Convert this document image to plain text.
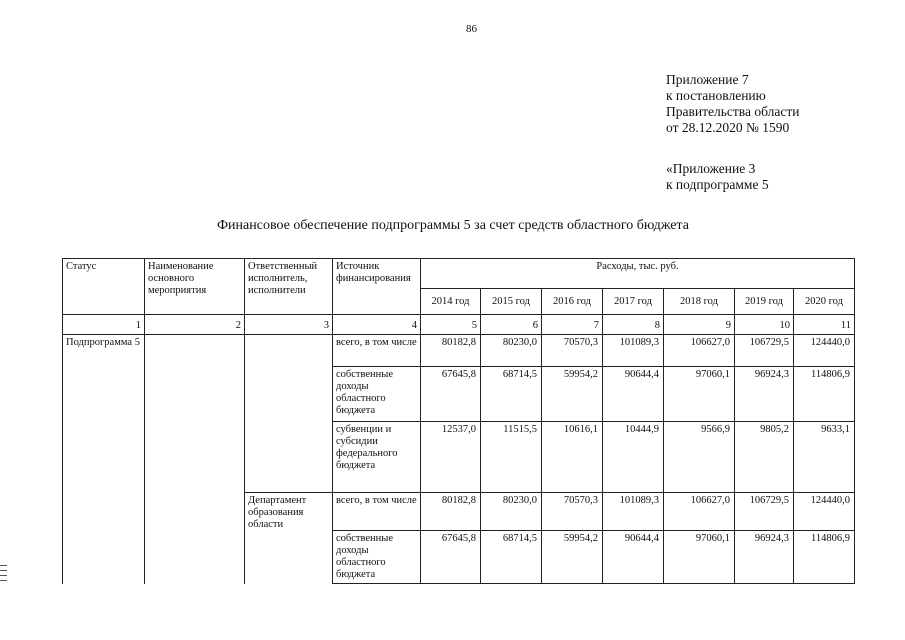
86
Приложение 7
к постановлению
Правительства области
от 28.12.2020 № 1590
«Приложение 3
к подпрограмме 5
Финансовое обеспечение подпрограммы 5 за счет средств областного бюджета
Статус	Наименование основного мероприятия	Ответственный исполнитель, исполнители	Источник финансирования	Расходы, тыс. руб.						
				2014 год	2015 год	2016 год	2017 год	2018 год	2019 год	2020 год
1	2	3	4	5	6	7	8	9	10	11
Подпрограмма 5			всего, в том числе	80182,8	80230,0	70570,3	101089,3	106627,0	106729,5	124440,0
			собственные доходы областного бюджета	67645,8	68714,5	59954,2	90644,4	97060,1	96924,3	114806,9
			субвенции и субсидии федерального бюджета	12537,0	11515,5	10616,1	10444,9	9566,9	9805,2	9633,1
		Департамент образования области	всего, в том числе	80182,8	80230,0	70570,3	101089,3	106627,0	106729,5	124440,0
			собственные доходы областного бюджета	67645,8	68714,5	59954,2	90644,4	97060,1	96924,3	114806,9
